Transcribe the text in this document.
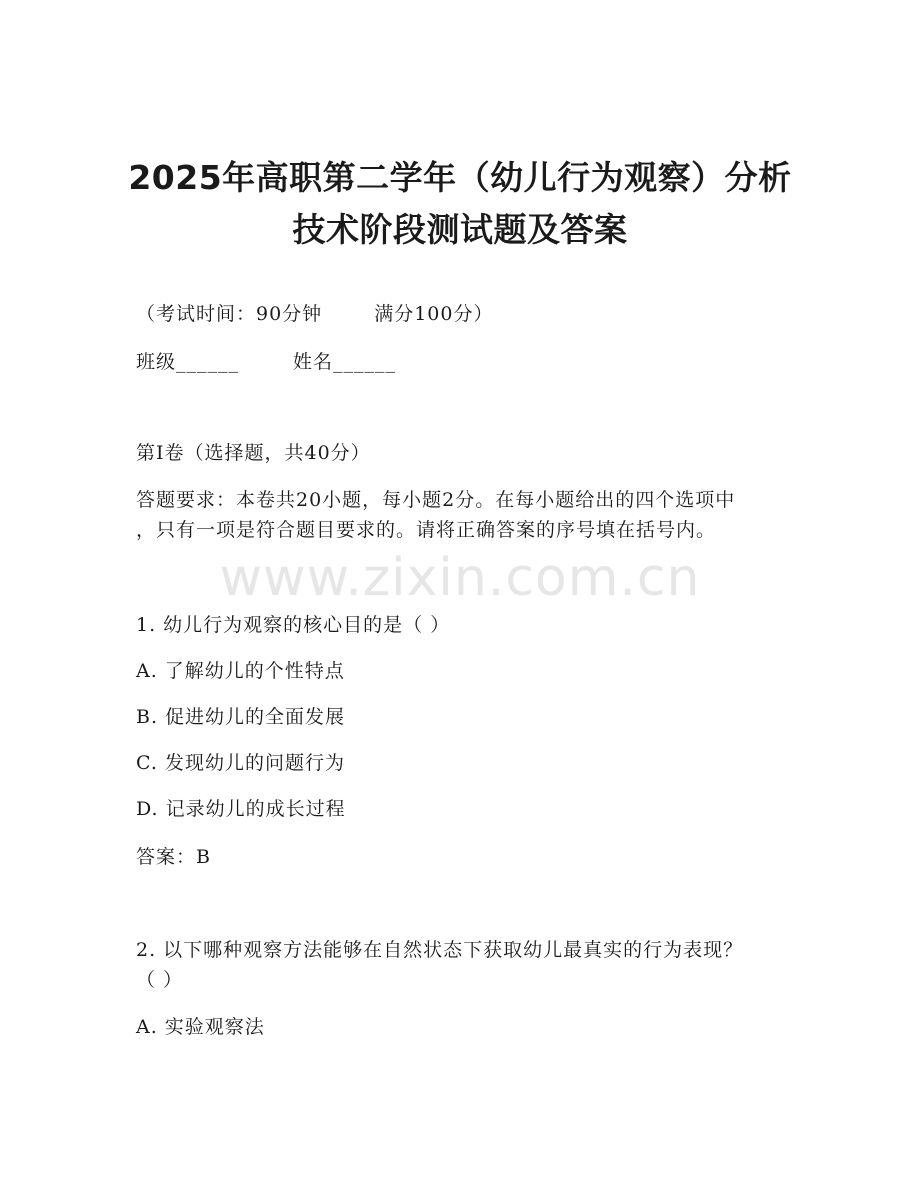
2025年高职第二学年（幼儿行为观察）分析
技术阶段测试题及答案
（考试时间：90分钟	满分100分）
班级______	姓名______
第I卷（选择题，共40分）
答题要求：本卷共20小题，每小题2分。在每小题给出的四个选项中
，只有一项是符合题目要求的。请将正确答案的序号填在括号内。
www.zixin.com.cn
1. 幼儿行为观察的核心目的是（ ）
A. 了解幼儿的个性特点
B. 促进幼儿的全面发展
C. 发现幼儿的问题行为
D. 记录幼儿的成长过程
答案：B
2. 以下哪种观察方法能够在自然状态下获取幼儿最真实的行为表现？
（ ）
A. 实验观察法
